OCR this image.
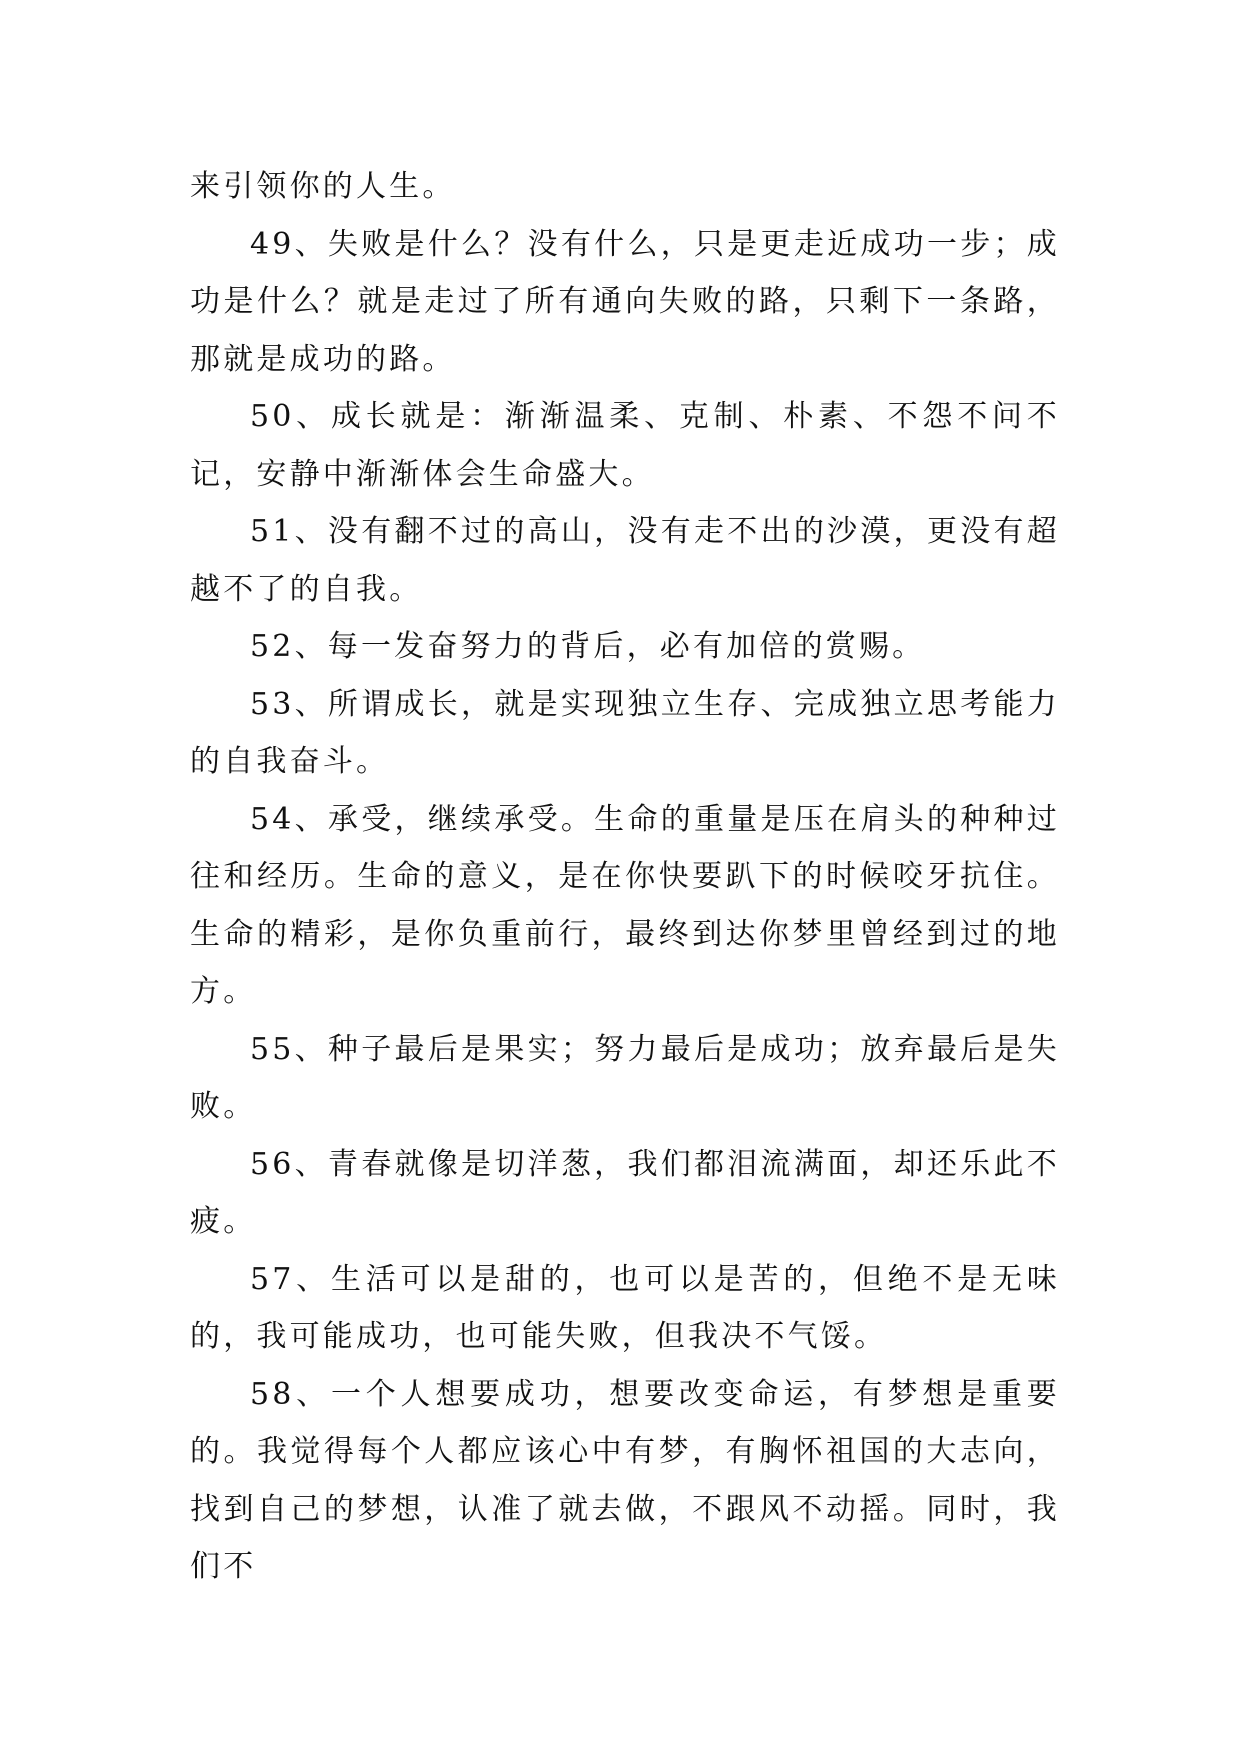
来引领你的人生。

49、失败是什么？没有什么，只是更走近成功一步；成功是什么？就是走过了所有通向失败的路，只剩下一条路，那就是成功的路。

50、成长就是：渐渐温柔、克制、朴素、不怨不问不记，安静中渐渐体会生命盛大。

51、没有翻不过的高山，没有走不出的沙漠，更没有超越不了的自我。

52、每一发奋努力的背后，必有加倍的赏赐。

53、所谓成长，就是实现独立生存、完成独立思考能力的自我奋斗。

54、承受，继续承受。生命的重量是压在肩头的种种过往和经历。生命的意义，是在你快要趴下的时候咬牙抗住。生命的精彩，是你负重前行，最终到达你梦里曾经到过的地方。

55、种子最后是果实；努力最后是成功；放弃最后是失败。

56、青春就像是切洋葱，我们都泪流满面，却还乐此不疲。

57、生活可以是甜的，也可以是苦的，但绝不是无味的，我可能成功，也可能失败，但我决不气馁。

58、一个人想要成功，想要改变命运，有梦想是重要的。我觉得每个人都应该心中有梦，有胸怀祖国的大志向，找到自己的梦想，认准了就去做，不跟风不动摇。同时，我们不
